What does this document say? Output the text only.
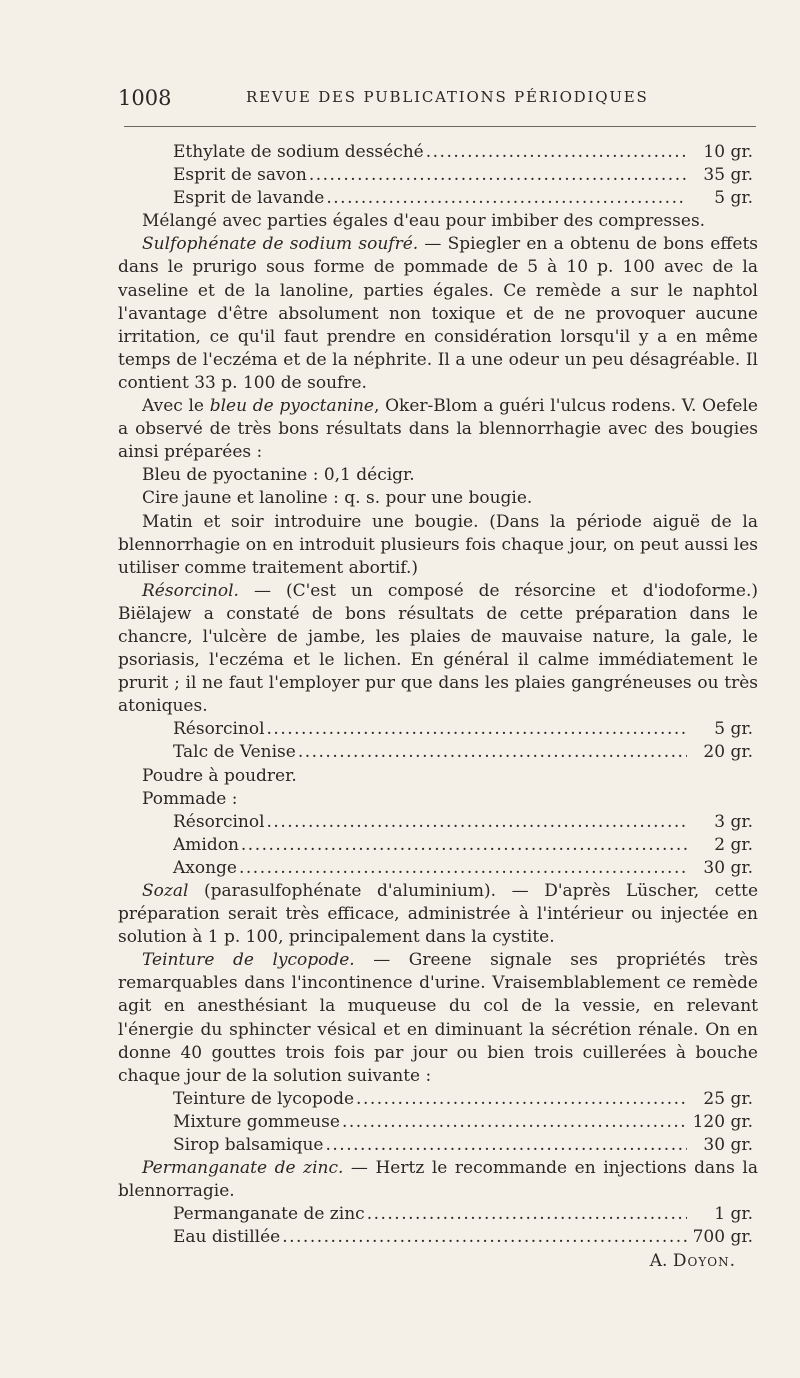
1008	REVUE DES PUBLICATIONS PÉRIODIQUES
Ethylate de sodium desséché .....	10 gr.
Esprit de savon .....	35 gr.
Esprit de lavande .....	5 gr.

Mélangé avec parties égales d'eau pour imbiber des compresses.

Sulfophénate de sodium soufré. — Spiegler en a obtenu de bons effets dans le prurigo sous forme de pommade de 5 à 10 p. 100 avec de la vaseline et de la lanoline, parties égales. Ce remède a sur le naphtol l'avantage d'être absolument non toxique et de ne provoquer aucune irritation, ce qu'il faut prendre en considération lorsqu'il y a en même temps de l'eczéma et de la néphrite. Il a une odeur un peu désagréable. Il contient 33 p. 100 de soufre.

Avec le bleu de pyoctanine, Oker-Blom a guéri l'ulcus rodens. V. Oefele a observé de très bons résultats dans la blennorrhagie avec des bougies ainsi préparées :

Bleu de pyoctanine : 0,1 décigr.
Cire jaune et lanoline : q. s. pour une bougie.

Matin et soir introduire une bougie. (Dans la période aiguë de la blennorrhagie on en introduit plusieurs fois chaque jour, on peut aussi les utiliser comme traitement abortif.)

Résorcinol. — (C'est un composé de résorcine et d'iodoforme.) Biëlajew a constaté de bons résultats de cette préparation dans le chancre, l'ulcère de jambe, les plaies de mauvaise nature, la gale, le psoriasis, l'eczéma et le lichen. En général il calme immédiatement le prurit ; il ne faut l'employer pur que dans les plaies gangréneuses ou très atoniques.

Résorcinol .....	5 gr.
Talc de Venise .....	20 gr.
Poudre à poudrer.
Pommade :
Résorcinol .....	3 gr.
Amidon .....	2 gr.
Axonge .....	30 gr.

Sozal (parasulfophénate d'aluminium). — D'après Lüscher, cette préparation serait très efficace, administrée à l'intérieur ou injectée en solution à 1 p. 100, principalement dans la cystite.

Teinture de lycopode. — Greene signale ses propriétés très remarquables dans l'incontinence d'urine. Vraisemblablement ce remède agit en anesthésiant la muqueuse du col de la vessie, en relevant l'énergie du sphincter vésical et en diminuant la sécrétion rénale. On en donne 40 gouttes trois fois par jour ou bien trois cuillerées à bouche chaque jour de la solution suivante :

Teinture de lycopode .....	25 gr.
Mixture gommeuse .....	120 gr.
Sirop balsamique .....	30 gr.

Permanganate de zinc. — Hertz le recommande en injections dans la blennorragie.

Permanganate de zinc .....	1 gr.
Eau distillée .....	700 gr.
A. Doyon.
